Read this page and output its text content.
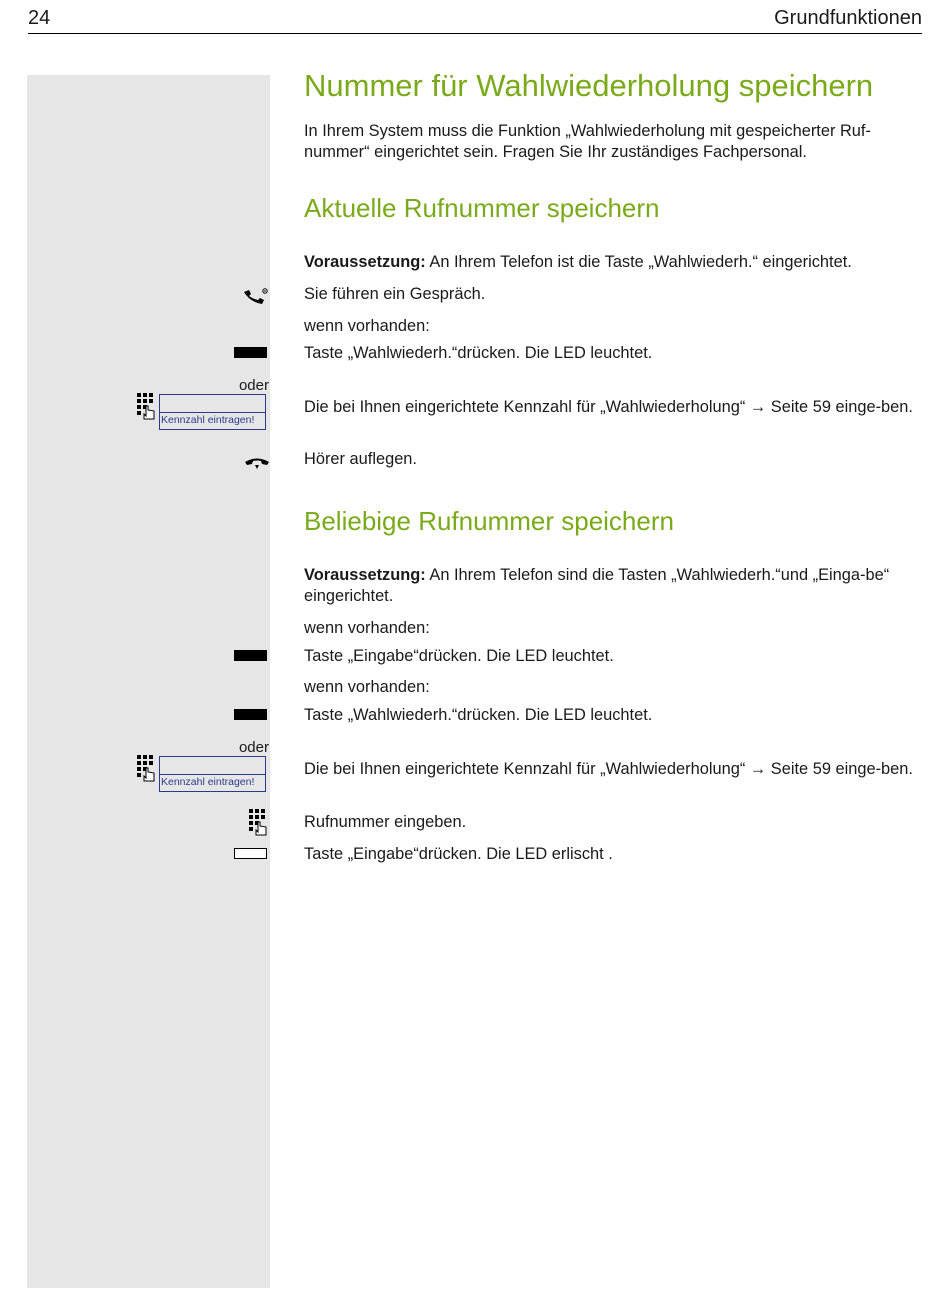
24	Grundfunktionen
Nummer für Wahlwiederholung speichern
In Ihrem System muss die Funktion „Wahlwiederholung mit gespeicherter Ruf-nummer“ eingerichtet sein. Fragen Sie Ihr zuständiges Fachpersonal.
Aktuelle Rufnummer speichern
Voraussetzung: An Ihrem Telefon ist die Taste „Wahlwiederh.“ eingerichtet.
Sie führen ein Gespräch.
wenn vorhanden:
Taste „Wahlwiederh.“drücken. Die LED leuchtet.
oder
Kennzahl eintragen!
Die bei Ihnen eingerichtete Kennzahl für „Wahlwiederholung“ → Seite 59 einge-ben.
Hörer auflegen.
Beliebige Rufnummer speichern
Voraussetzung: An Ihrem Telefon sind die Tasten „Wahlwiederh.“und „Einga-be“ eingerichtet.
wenn vorhanden:
Taste „Eingabe“drücken. Die LED leuchtet.
wenn vorhanden:
Taste „Wahlwiederh.“drücken. Die LED leuchtet.
oder
Kennzahl eintragen!
Die bei Ihnen eingerichtete Kennzahl für „Wahlwiederholung“ → Seite 59 einge-ben.
Rufnummer eingeben.
Taste „Eingabe“drücken. Die LED erlischt .
